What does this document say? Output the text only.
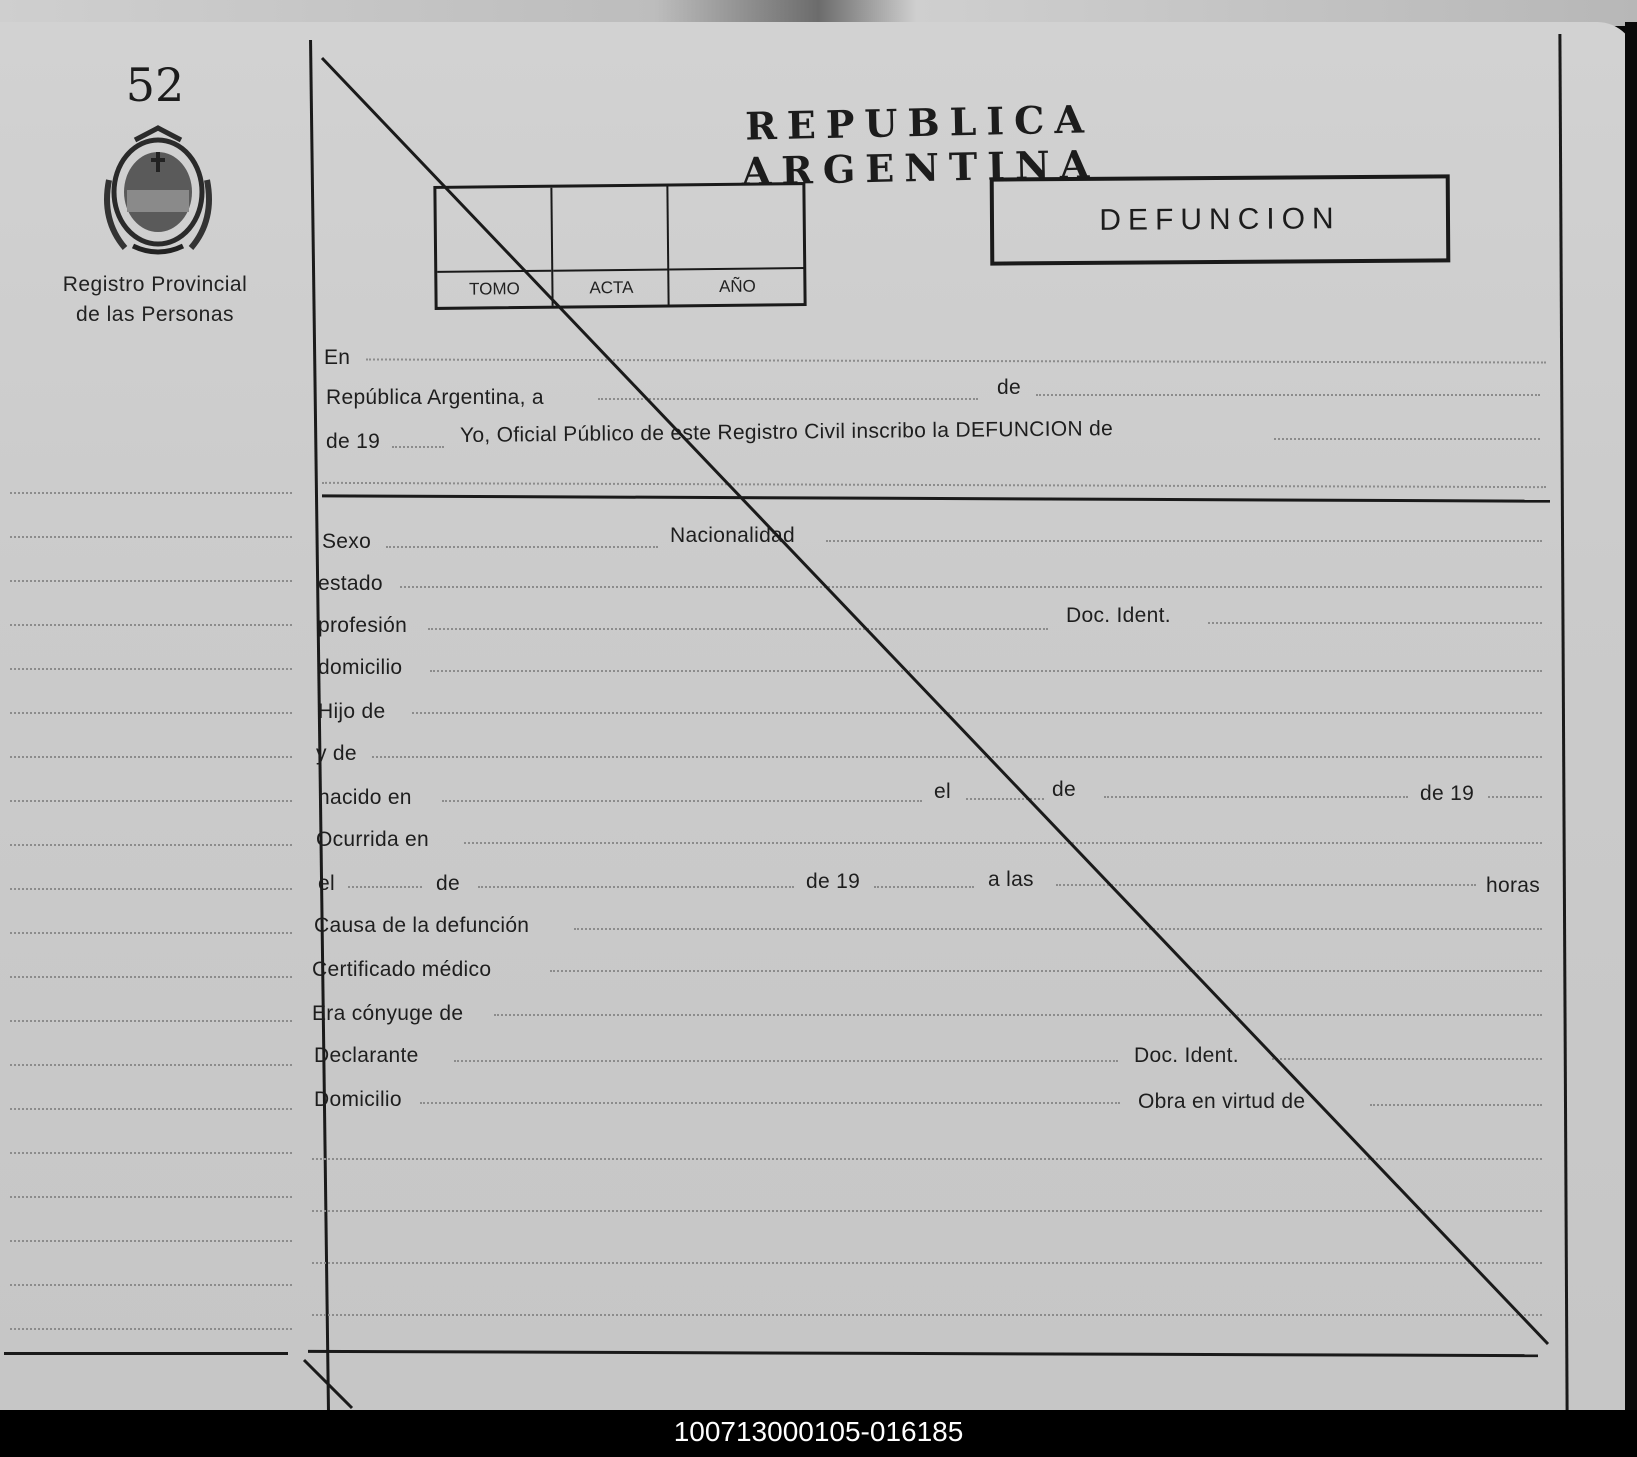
52
Registro Provincial
de las Personas
REPUBLICA ARGENTINA
TOMO	ACTA	AÑO
DEFUNCION
En
República Argentina, a	de
de 19	Yo, Oficial Público de este Registro Civil inscribo la DEFUNCION de
Sexo	Nacionalidad
estado
profesión	Doc. Ident.
domicilio
Hijo de
y de
nacido en	el	de	de 19
Ocurrida en
el	de	de 19	a las	horas
Causa de la defunción
Certificado médico
Era cónyuge de
Declarante	Doc. Ident.
Domicilio	Obra en virtud de
100713000105-016185
